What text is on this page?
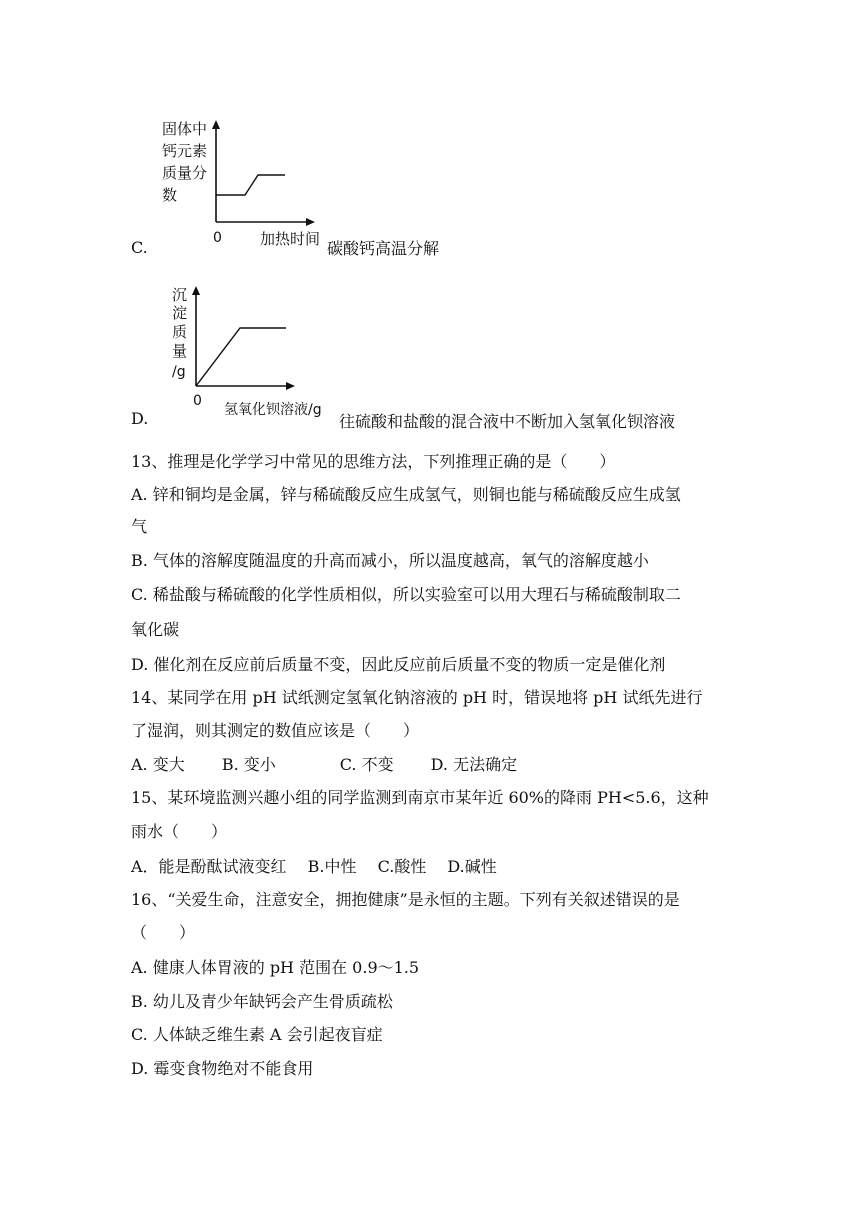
C.
固体中
钙元素
质量分
数
0	加热时间 碳酸钙高温分解
D.
沉
淀
质
量
/g
0
氢氧化钡溶液/g
往硫酸和盐酸的混合液中不断加入氢氧化钡溶液
13、推理是化学学习中常见的思维方法，下列推理正确的是（　　）
A. 锌和铜均是金属，锌与稀硫酸反应生成氢气，则铜也能与稀硫酸反应生成氢
气
B. 气体的溶解度随温度的升高而减小，所以温度越高，氧气的溶解度越小
C. 稀盐酸与稀硫酸的化学性质相似，所以实验室可以用大理石与稀硫酸制取二
氧化碳
D. 催化剂在反应前后质量不变，因此反应前后质量不变的物质一定是催化剂
14、某同学在用 pH 试纸测定氢氧化钠溶液的 pH 时，错误地将 pH 试纸先进行
了湿润，则其测定的数值应该是（　　）
A. 变大　　 B. 变小　　　　C. 不变　　 D. 无法确定
15、某环境监测兴趣小组的同学监测到南京市某年近 60%的降雨 PH<5.6，这种
雨水（　　）
A．能是酚酞试液变红　 B.中性　 C.酸性　 D.碱性
16、“关爱生命，注意安全，拥抱健康”是永恒的主题。下列有关叙述错误的是
（　　）
A. 健康人体胃液的 pH 范围在 0.9～1.5
B. 幼儿及青少年缺钙会产生骨质疏松
C. 人体缺乏维生素 A 会引起夜盲症
D. 霉变食物绝对不能食用
